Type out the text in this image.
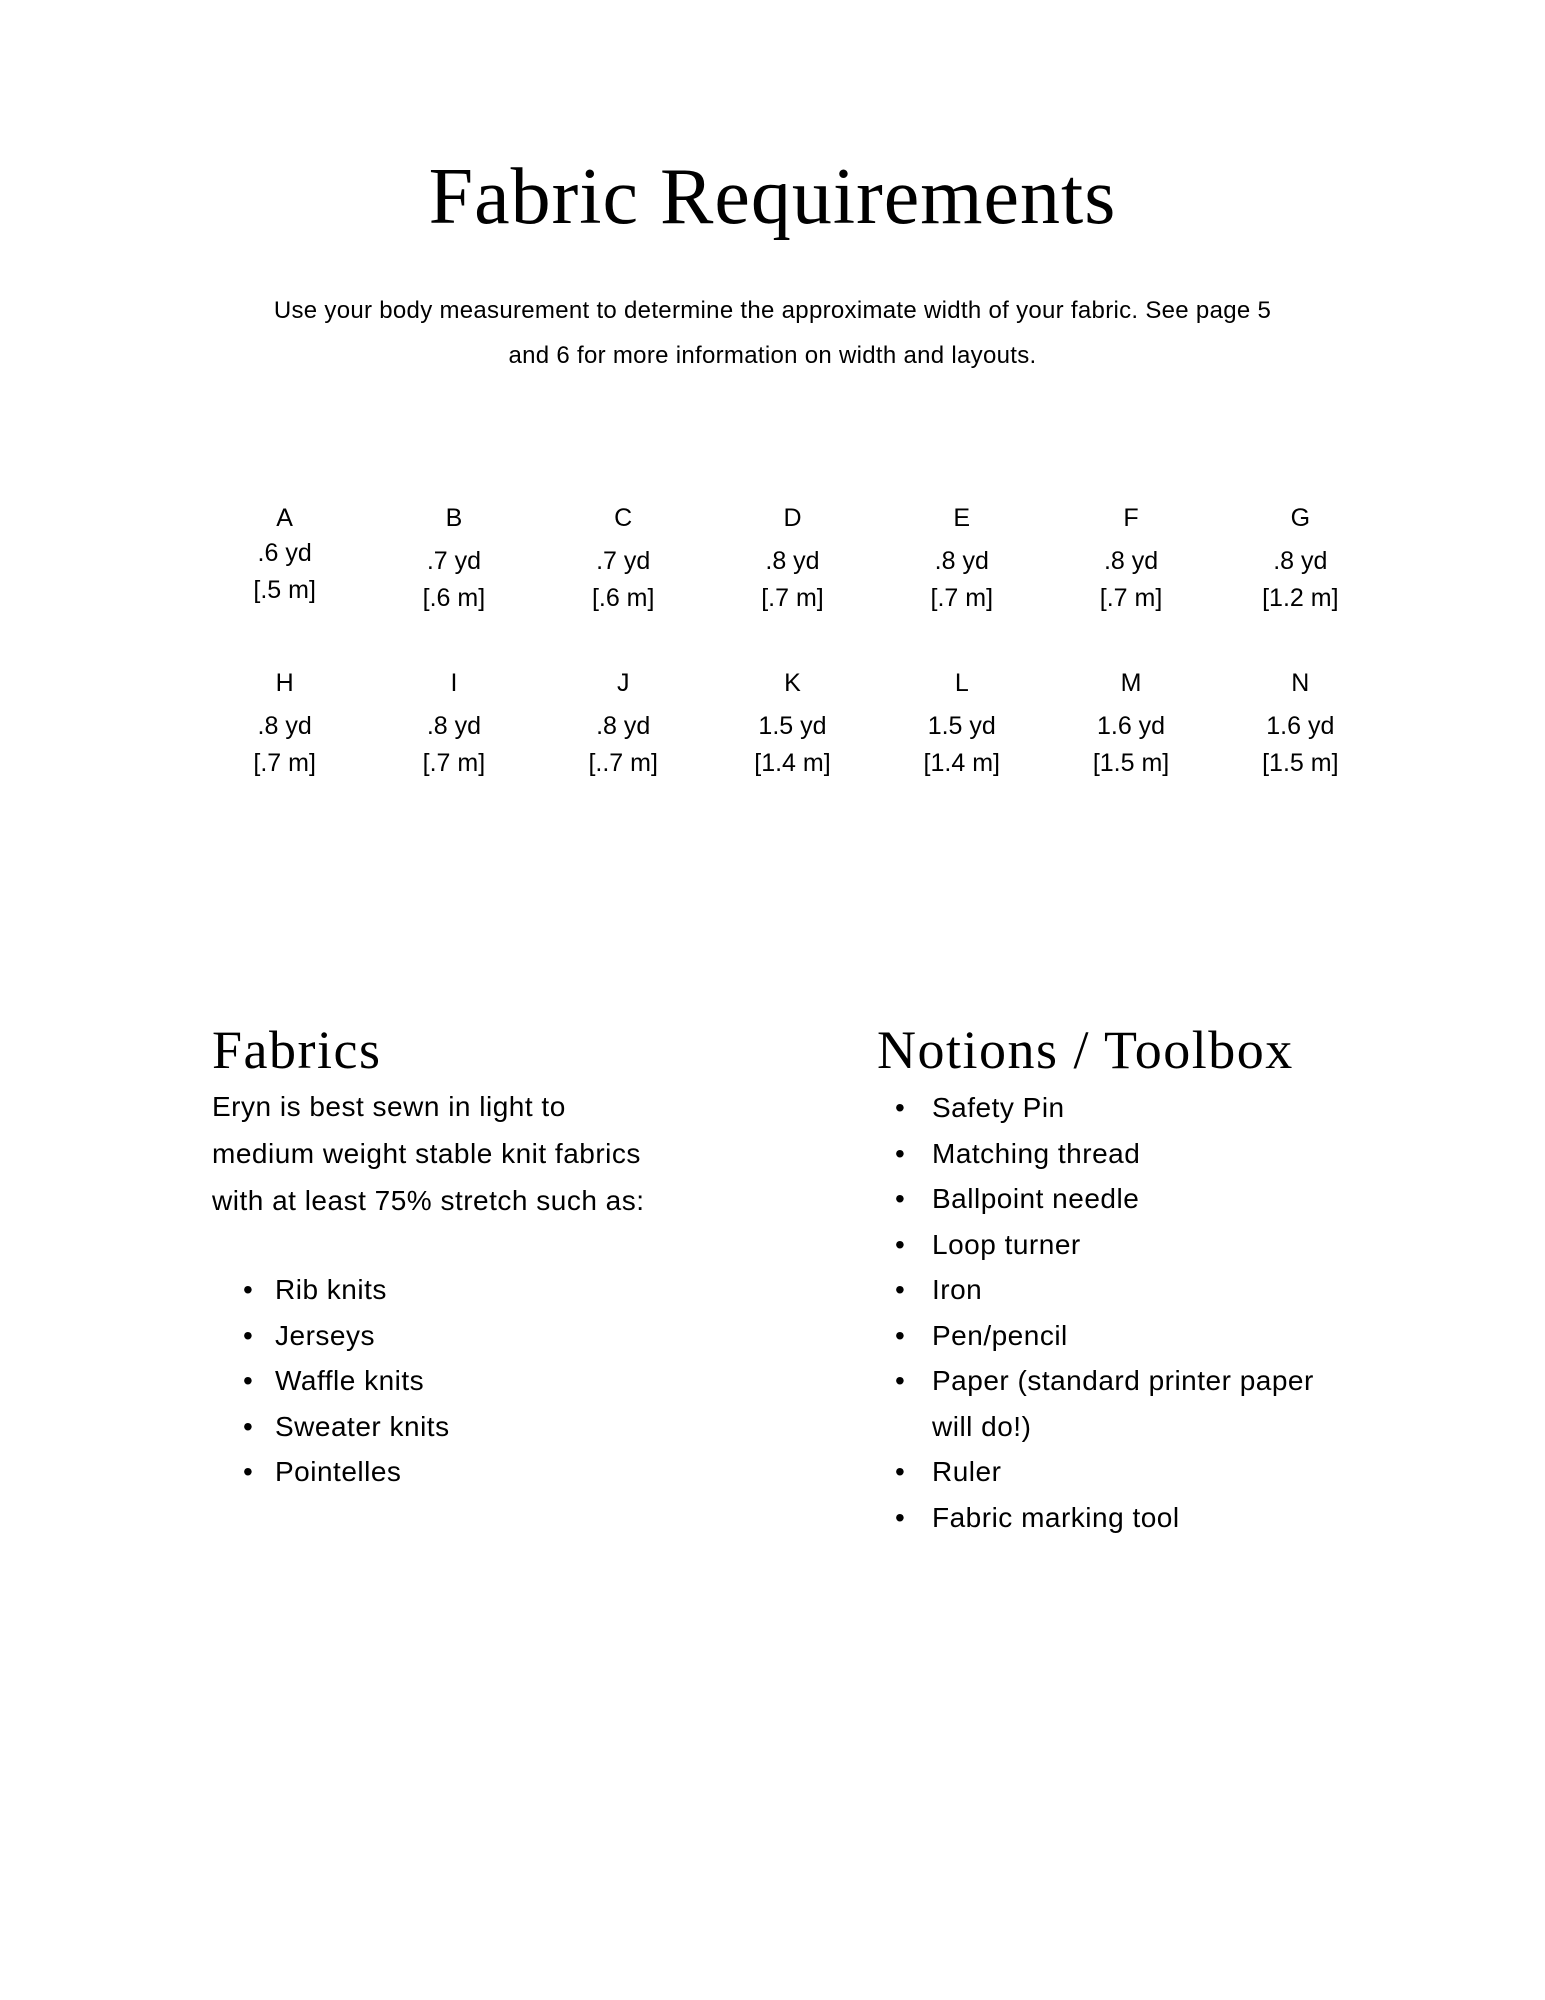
Fabric Requirements
Use your body measurement to determine the approximate width of your fabric. See page 5
and 6 for more information on width and layouts.
A
.6 yd
[.5 m]
B
.7 yd
[.6 m]
C
.7 yd
[.6 m]
D
.8 yd
[.7 m]
E
.8 yd
[.7 m]
F
.8 yd
[.7 m]
G
.8 yd
[1.2 m]
H
.8 yd
[.7 m]
I
.8 yd
[.7 m]
J
.8 yd
[..7 m]
K
1.5 yd
[1.4 m]
L
1.5 yd
[1.4 m]
M
1.6 yd
[1.5 m]
N
1.6 yd
[1.5 m]
Fabrics
Eryn is best sewn in light to
medium weight stable knit fabrics
with at least 75% stretch such as:
• Rib knits
• Jerseys
• Waffle knits
• Sweater knits
• Pointelles
Notions / Toolbox
• Safety Pin
• Matching thread
• Ballpoint needle
• Loop turner
• Iron
• Pen/pencil
• Paper (standard printer paper will do!)
• Ruler
• Fabric marking tool
